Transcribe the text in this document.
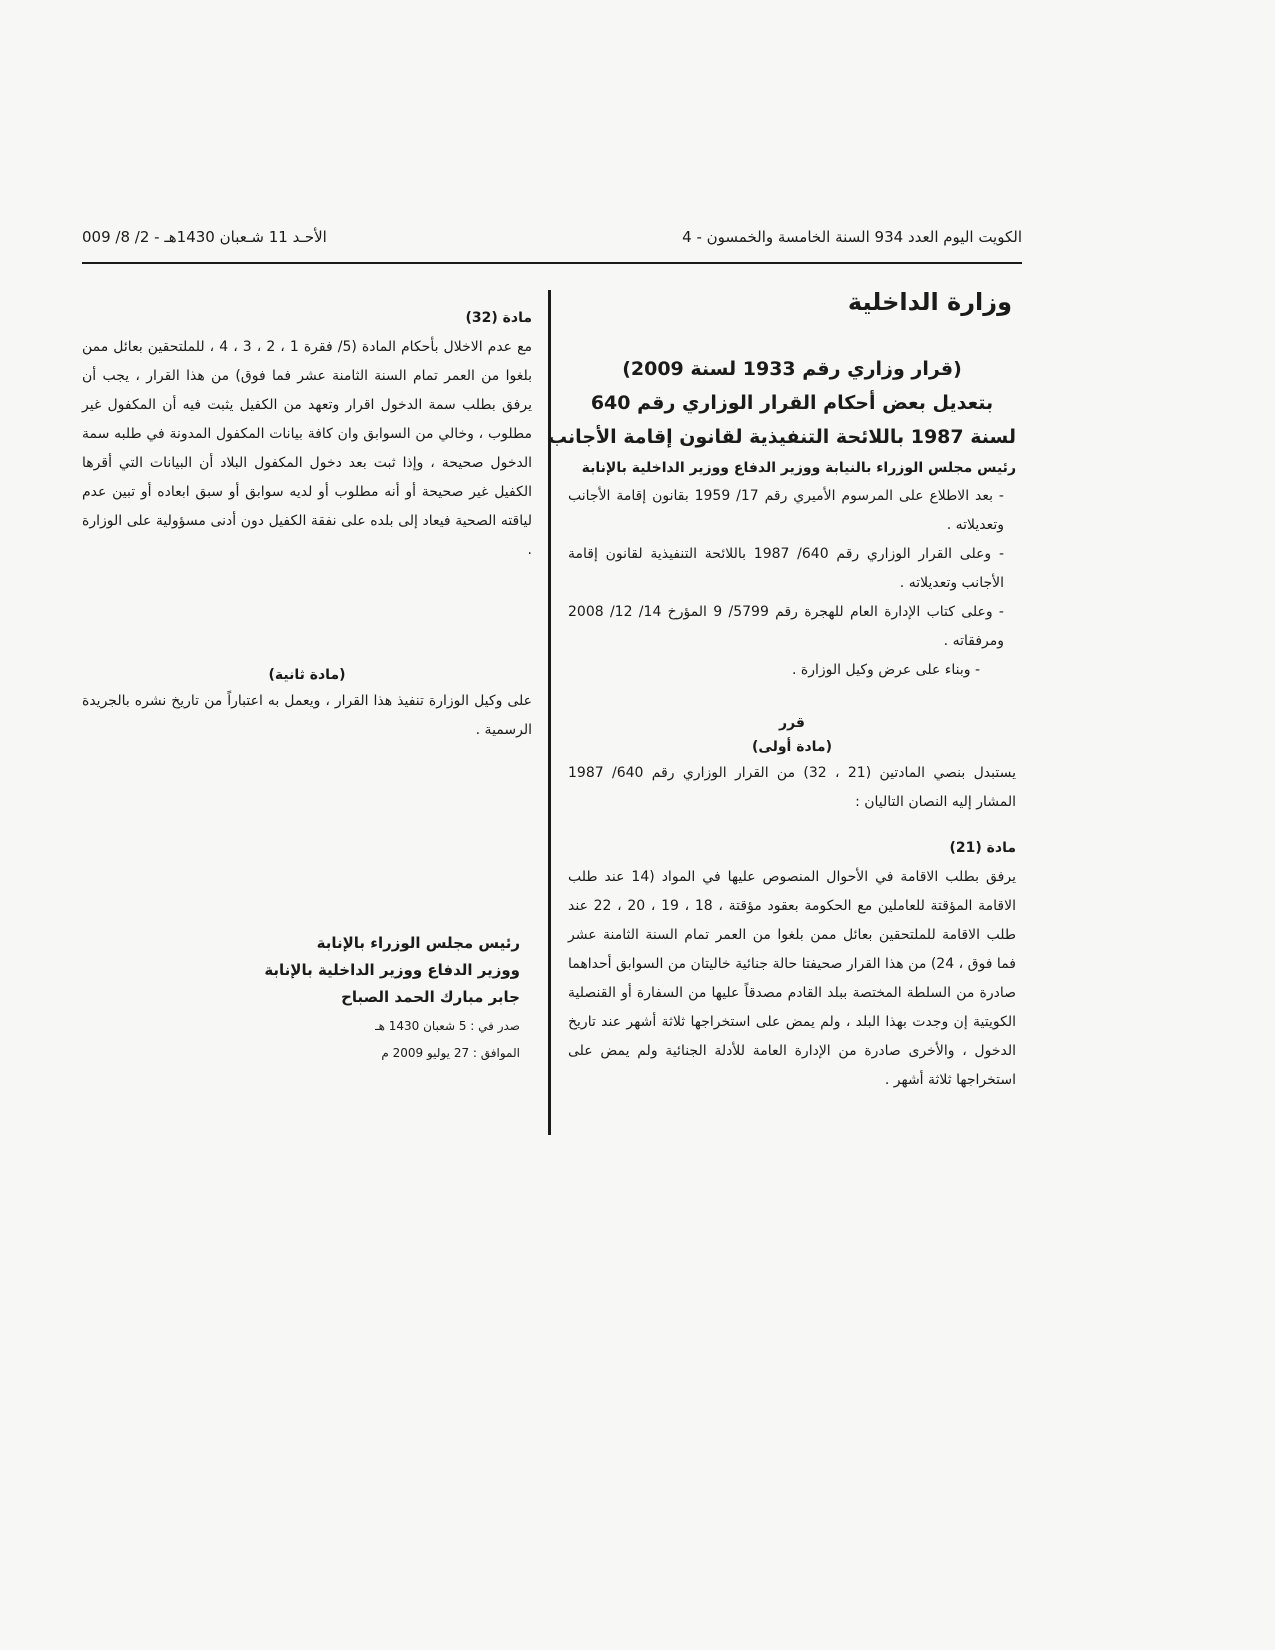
الكويت اليوم العدد 934 السنة الخامسة والخمسون - 4
الأحـد 11 شـعبان 1430هـ - 2/ 8/ 009
وزارة الداخلية
(قرار وزاري رقم 1933 لسنة 2009)
بتعديل بعض أحكام القرار الوزاري رقم 640
لسنة 1987 باللائحة التنفيذية لقانون إقامة الأجانب
رئيس مجلس الوزراء بالنيابة ووزير الدفاع ووزير الداخلية بالإنابة

- بعد الاطلاع على المرسوم الأميري رقم 17/ 1959 بقانون إقامة الأجانب وتعديلاته .

- وعلى القرار الوزاري رقم 640/ 1987 باللائحة التنفيذية لقانون إقامة الأجانب وتعديلاته .

- وعلى كتاب الإدارة العام للهجرة رقم 5799/ 9 المؤرخ 14/ 12/ 2008 ومرفقاته .

- وبناء على عرض وكيل الوزارة .

قرر
(مادة أولى)

يستبدل بنصي المادتين (21 ، 32) من القرار الوزاري رقم 640/ 1987 المشار إليه النصان التاليان :

مادة (21)

يرفق بطلب الاقامة في الأحوال المنصوص عليها في المواد (14 عند طلب الاقامة المؤقتة للعاملين مع الحكومة بعقود مؤقتة ، 18 ، 19 ، 20 ، 22 عند طلب الاقامة للملتحقين بعائل ممن بلغوا من العمر تمام السنة الثامنة عشر فما فوق ، 24) من هذا القرار صحيفتا حالة جنائية خاليتان من السوابق أحداهما صادرة من السلطة المختصة ببلد القادم مصدقاً عليها من السفارة أو القنصلية الكويتية إن وجدت بهذا البلد ، ولم يمض على استخراجها ثلاثة أشهر عند تاريخ الدخول ، والأخرى صادرة من الإدارة العامة للأدلة الجنائية ولم يمض على استخراجها ثلاثة أشهر .

مادة (32)

مع عدم الاخلال بأحكام المادة (5/ فقرة 1 ، 2 ، 3 ، 4 ، للملتحقين بعائل ممن بلغوا من العمر تمام السنة الثامنة عشر فما فوق) من هذا القرار ، يجب أن يرفق بطلب سمة الدخول اقرار وتعهد من الكفيل يثبت فيه أن المكفول غير مطلوب ، وخالي من السوابق وان كافة بيانات المكفول المدونة في طلبه سمة الدخول صحيحة ، وإذا ثبت بعد دخول المكفول البلاد أن البيانات التي أقرها الكفيل غير صحيحة أو أنه مطلوب أو لديه سوابق أو سبق ابعاده أو تبين عدم لياقته الصحية فيعاد إلى بلده على نفقة الكفيل دون أدنى مسؤولية على الوزارة .

(مادة ثانية)

على وكيل الوزارة تنفيذ هذا القرار ، ويعمل به اعتباراً من تاريخ نشره بالجريدة الرسمية .

رئيس مجلس الوزراء بالإنابة
ووزير الدفاع ووزير الداخلية بالإنابة
جابر مبارك الحمد الصباح
صدر في : 5 شعبان 1430 هـ
الموافق : 27 يوليو 2009 م
